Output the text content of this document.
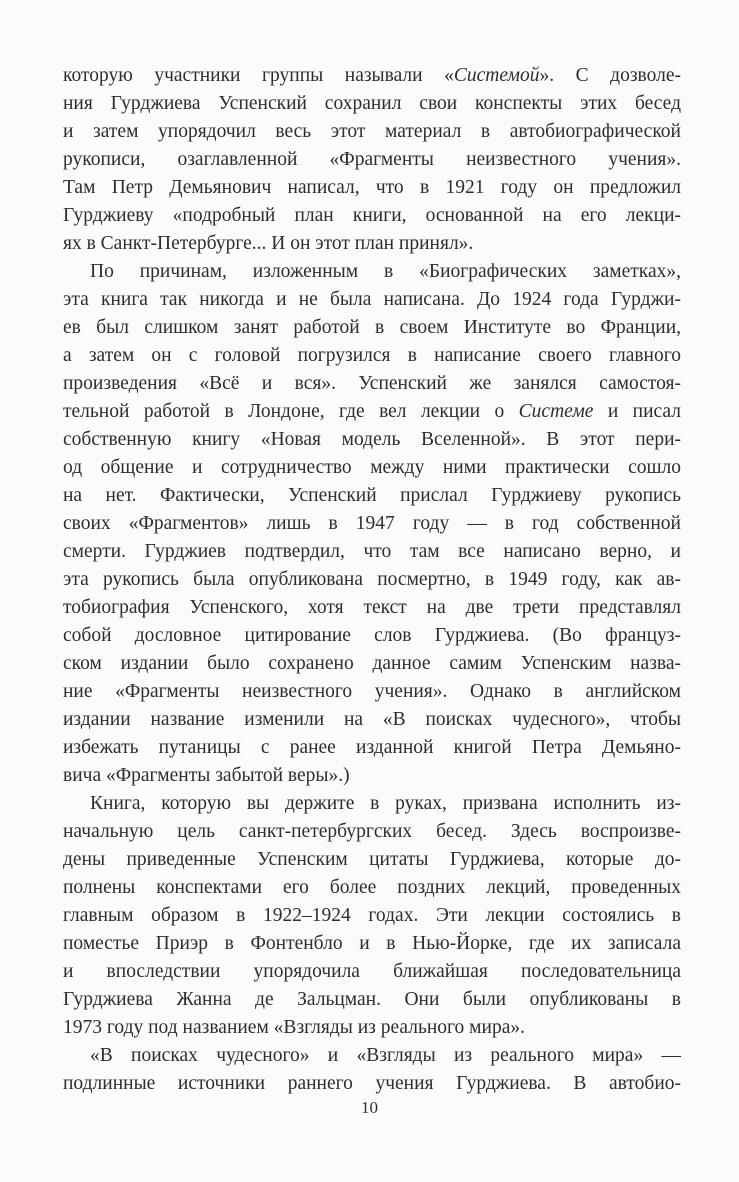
которую участники группы называли «Системой». С дозволе-
ния Гурджиева Успенский сохранил свои конспекты этих бесед
и затем упорядочил весь этот материал в автобиографической
рукописи, озаглавленной «Фрагменты неизвестного учения».
Там Петр Демьянович написал, что в 1921 году он предложил
Гурджиеву «подробный план книги, основанной на его лекци-
ях в Санкт-Петербурге... И он этот план принял».
По причинам, изложенным в «Биографических заметках»,
эта книга так никогда и не была написана. До 1924 года Гурджи-
ев был слишком занят работой в своем Институте во Франции,
а затем он с головой погрузился в написание своего главного
произведения «Всё и вся». Успенский же занялся самостоя-
тельной работой в Лондоне, где вел лекции о Системе и писал
собственную книгу «Новая модель Вселенной». В этот пери-
од общение и сотрудничество между ними практически сошло
на нет. Фактически, Успенский прислал Гурджиеву рукопись
своих «Фрагментов» лишь в 1947 году — в год собственной
смерти. Гурджиев подтвердил, что там все написано верно, и
эта рукопись была опубликована посмертно, в 1949 году, как ав-
тобиография Успенского, хотя текст на две трети представлял
собой дословное цитирование слов Гурджиева. (Во француз-
ском издании было сохранено данное самим Успенским назва-
ние «Фрагменты неизвестного учения». Однако в английском
издании название изменили на «В поисках чудесного», чтобы
избежать путаницы с ранее изданной книгой Петра Демьяно-
вича «Фрагменты забытой веры».)
Книга, которую вы держите в руках, призвана исполнить из-
начальную цель санкт-петербургских бесед. Здесь воспроизве-
дены приведенные Успенским цитаты Гурджиева, которые до-
полнены конспектами его более поздних лекций, проведенных
главным образом в 1922–1924 годах. Эти лекции состоялись в
поместье Приэр в Фонтенбло и в Нью-Йорке, где их записала
и впоследствии упорядочила ближайшая последовательница
Гурджиева Жанна де Зальцман. Они были опубликованы в
1973 году под названием «Взгляды из реального мира».
«В поисках чудесного» и «Взгляды из реального мира» —
подлинные источники раннего учения Гурджиева. В автобио-
10
